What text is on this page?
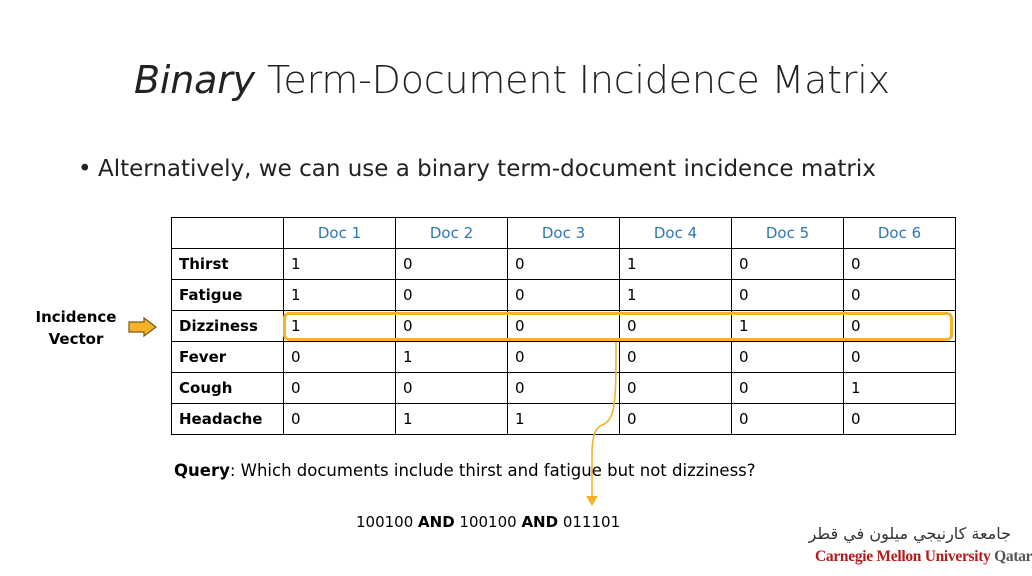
Binary Term-Document Incidence Matrix
• Alternatively, we can use a binary term-document incidence matrix
	Doc 1	Doc 2	Doc 3	Doc 4	Doc 5	Doc 6
Thirst	1	0	0	1	0	0
Fatigue	1	0	0	1	0	0
Dizziness	1	0	0	0	1	0
Fever	0	1	0	0	0	0
Cough	0	0	0	0	0	1
Headache	0	1	1	0	0	0
Incidence
Vector
Query: Which documents include thirst and fatigue but not dizziness?
100100 AND 100100 AND 011101
جامعة كارنيجي ميلون في قطر
Carnegie Mellon University Qatar
